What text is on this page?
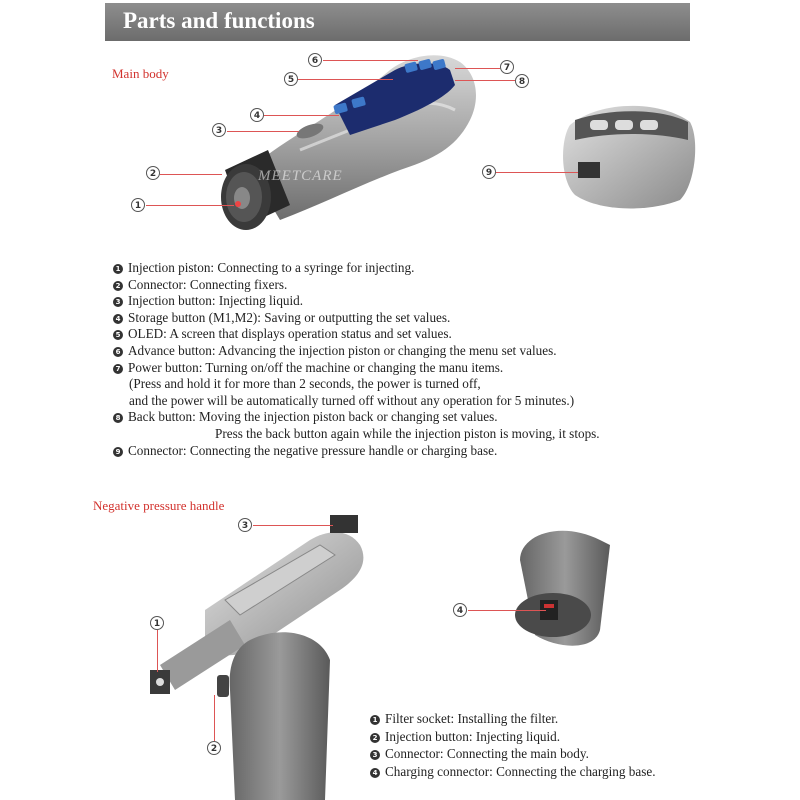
Parts and functions
Main body
MEETCARE
6
5
7
8
4
3
2
1
9
1 Injection piston: Connecting to a syringe for injecting.
2 Connector: Connecting fixers.
3 Injection button: Injecting liquid.
4 Storage button (M1,M2): Saving or outputting the set values.
5 OLED: A screen that displays operation status and set values.
6 Advance button: Advancing the injection piston or changing the menu set values.
7 Power button: Turning on/off the machine or changing the manu items.
(Press and hold it for more than 2 seconds, the power is turned off,
and the power will be automatically turned off without any operation for 5 minutes.)
8 Back button: Moving the injection piston back or changing set values.
Press the back button again while the injection piston is moving, it stops.
9 Connector: Connecting the negative pressure handle or charging base.
Negative pressure handle
3
1
2
4
1 Filter socket: Installing the filter.
2 Injection button: Injecting liquid.
3 Connector: Connecting the main body.
4 Charging connector: Connecting the charging base.
